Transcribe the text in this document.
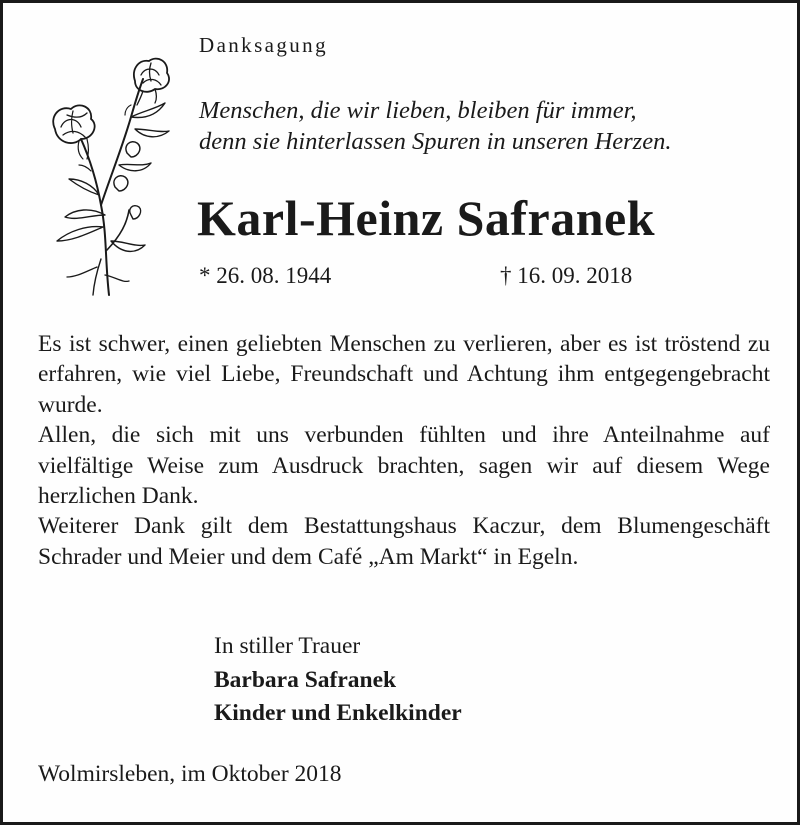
Danksagung
Menschen, die wir lieben, bleiben für immer,
denn sie hinterlassen Spuren in unseren Herzen.
Karl-Heinz Safranek
* 26. 08. 1944	† 16. 09. 2018

Es ist schwer, einen geliebten Menschen zu verlieren, aber es ist tröstend zu erfahren, wie viel Liebe, Freundschaft und Achtung ihm entgegengebracht wurde.

Allen, die sich mit uns verbunden fühlten und ihre Anteilnahme auf vielfältige Weise zum Ausdruck brachten, sagen wir auf diesem Wege herzlichen Dank.

Weiterer Dank gilt dem Bestattungshaus Kaczur, dem Blumengeschäft Schrader und Meier und dem Café „Am Markt“ in Egeln.

In stiller Trauer
Barbara Safranek
Kinder und Enkelkinder
Wolmirsleben, im Oktober 2018
